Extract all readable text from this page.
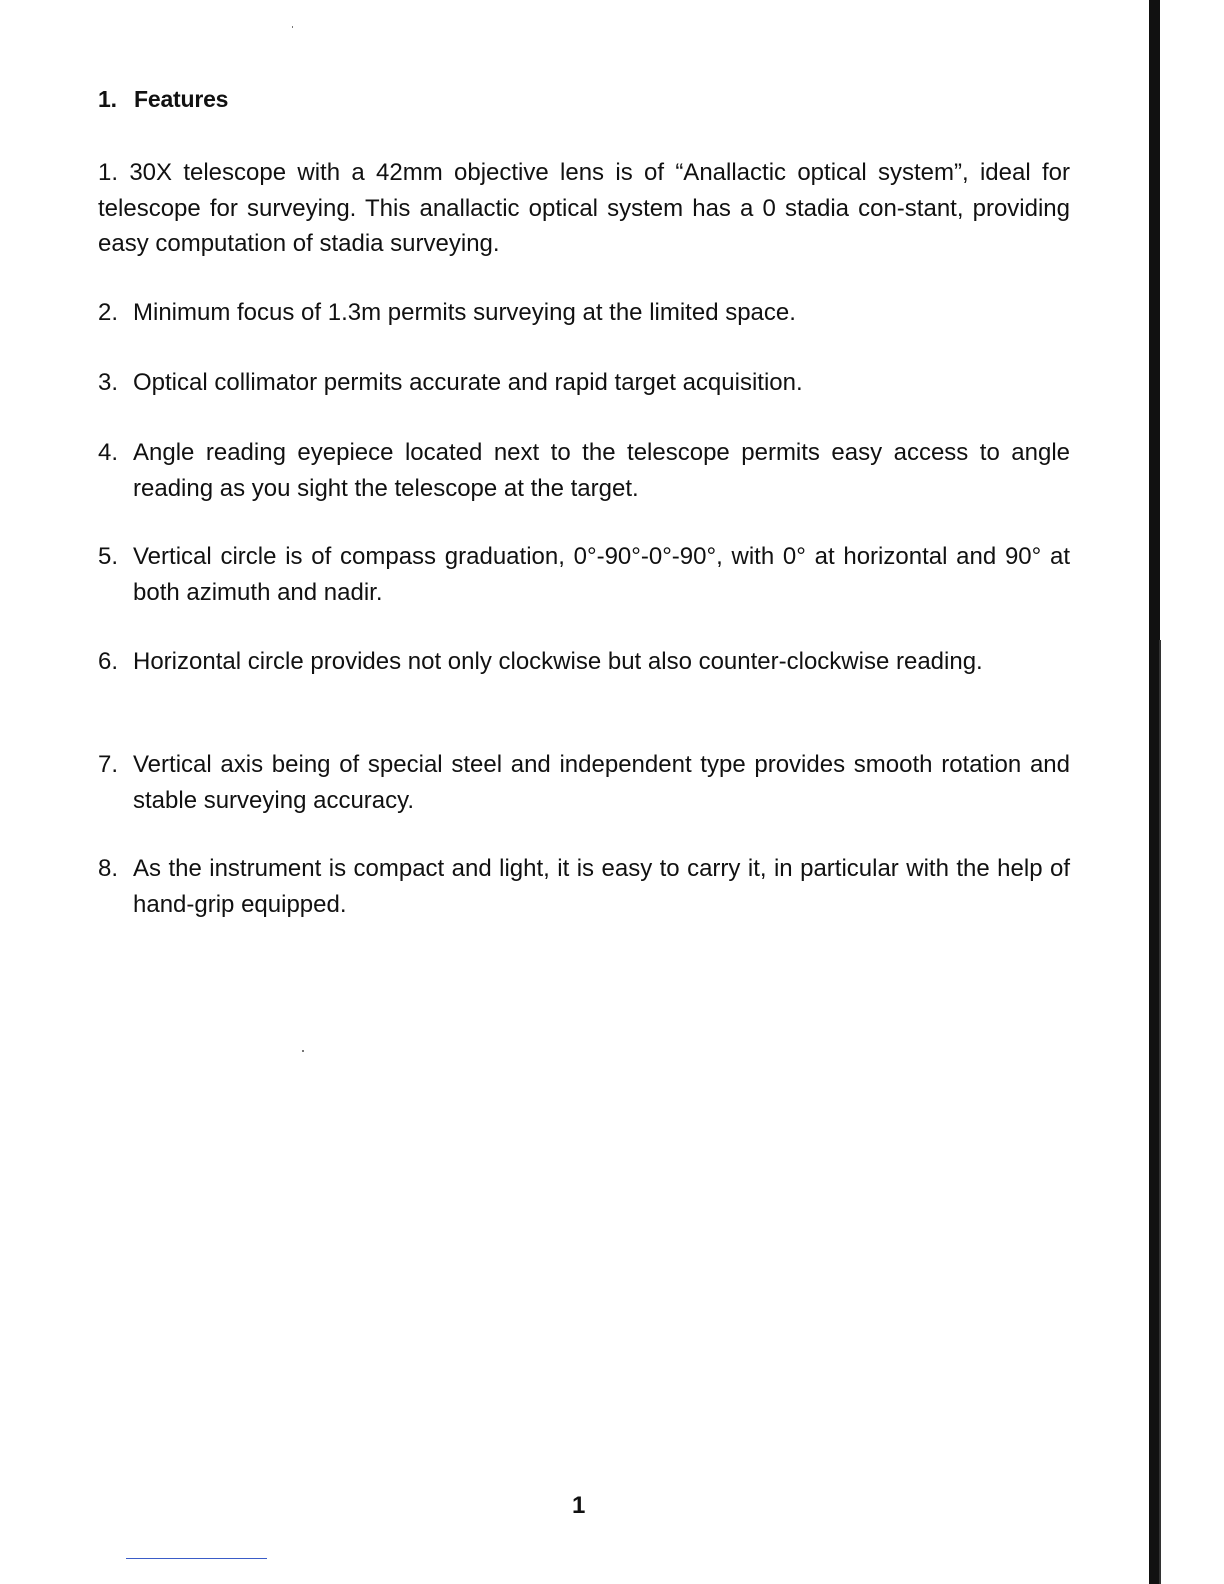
1. Features

1. 30X telescope with a 42mm objective lens is of “Anallactic optical system”, ideal for telescope for surveying. This anallactic optical system has a 0 stadia con-stant, providing easy computation of stadia surveying.

2. Minimum focus of 1.3m permits surveying at the limited space.
3. Optical collimator permits accurate and rapid target acquisition.
4. Angle reading eyepiece located next to the telescope permits easy access to angle reading as you sight the telescope at the target.
5. Vertical circle is of compass graduation, 0°-90°-0°-90°, with 0° at horizontal and 90° at both azimuth and nadir.
6. Horizontal circle provides not only clockwise but also counter-clockwise reading.
7. Vertical axis being of special steel and independent type provides smooth rotation and stable surveying accuracy.
8. As the instrument is compact and light, it is easy to carry it, in particular with the help of hand-grip equipped.
1
